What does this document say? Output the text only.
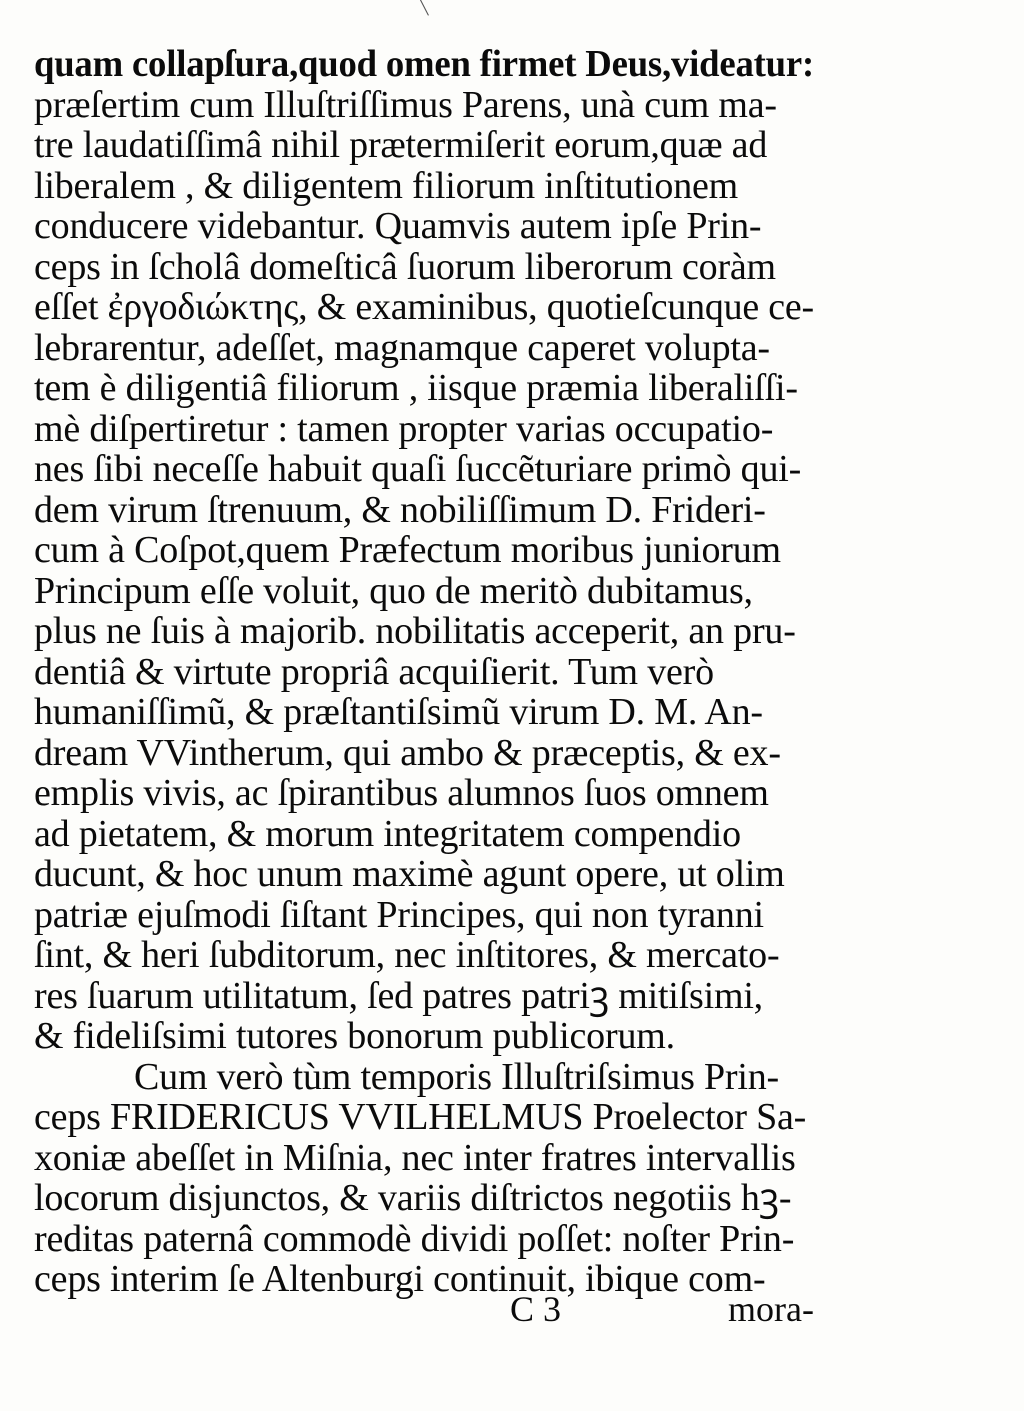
╲
quam collapſura,quod omen firmet Deus,videatur:
præſertim cum Illuſtriſſimus Parens, unà cum ma-
tre laudatiſſimâ nihil prætermiſerit eorum,quæ ad
liberalem , & diligentem filiorum inſtitutionem
conducere videbantur. Quamvis autem ipſe Prin-
ceps in ſcholâ domeſticâ ſuorum liberorum coràm
eſſet ἐργοδιώκτης, & examinibus, quotieſcunque ce-
lebrarentur, adeſſet, magnamque caperet volupta-
tem è diligentiâ filiorum , iisque præmia liberaliſſi-
mè diſpertiretur : tamen propter varias occupatio-
nes ſibi neceſſe habuit quaſi ſuccẽturiare primò qui-
dem virum ſtrenuum, & nobiliſſimum D. Frideri-
cum à Coſpot,quem Præfectum moribus juniorum
Principum eſſe voluit, quo de meritò dubitamus,
plus ne ſuis à majorib. nobilitatis acceperit, an pru-
dentiâ & virtute propriâ acquiſierit. Tum verò
humaniſſimũ, & præſtantiſsimũ virum D. M. An-
dream VVintherum, qui ambo & præceptis, & ex-
emplis vivis, ac ſpirantibus alumnos ſuos omnem
ad pietatem, & morum integritatem compendio
ducunt, & hoc unum maximè agunt opere, ut olim
patriæ ejuſmodi ſiſtant Principes, qui non tyranni
ſint, & heri ſubditorum, nec inſtitores, & mercato-
res ſuarum utilitatum, ſed patres patriꝫ mitiſsimi,
& fideliſsimi tutores bonorum publicorum.
Cum verò tùm temporis Illuſtriſsimus Prin-
ceps FRIDERICUS VVILHELMUS Proelector Sa-
xoniæ abeſſet in Miſnia, nec inter fratres intervallis
locorum disjunctos, & variis diſtrictos negotiis hꝫ-
reditas paternâ commodè dividi poſſet: noſter Prin-
ceps interim ſe Altenburgi continuit, ibique com-
C 3	mora-
